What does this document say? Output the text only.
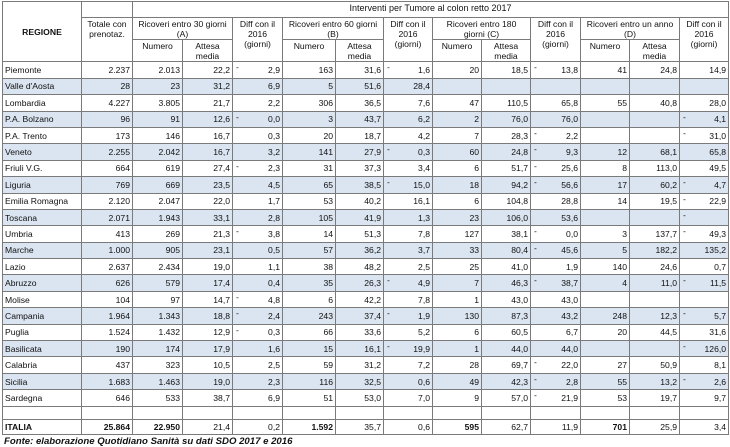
REGIONE		Interventi per Tumore al colon retto 2017											
	Totale con prenotaz.	Ricoveri entro 30 giorni (A)		Diff con il 2016 (giorni)	Ricoveri entro 60 giorni (B)		Diff con il 2016 (giorni)	Ricoveri entro 180 giorni (C)		Diff con il 2016 (giorni)	Ricoveri entro un anno (D)		Diff con il 2016 (giorni)
		Numero	Attesa media		Numero	Attesa media		Numero	Attesa media		Numero	Attesa media	
Piemonte	2.237	2.013	22,2	- 2,9	163	31,6	- 1,6	20	18,5	- 13,8	41	24,8	14,9
Valle d'Aosta	28	23	31,2	6,9	5	51,6	28,4			

Lombardia	4.227	3.805	21,7	2,2	306	36,5	7,6	47	110,5	65,8	55	40,8	28,0
P.A. Bolzano	96	91	12,6	- 0,0	3	43,7	6,2	2	76,0	76,0			- 4,1
P.A. Trento	173	146	16,7	0,3	20	18,7	4,2	7	28,3	- 2,2			- 31,0
Veneto	2.255	2.042	16,7	3,2	141	27,9	- 0,3	60	24,8	- 9,3	12	68,1	65,8
Friuli V.G.	664	619	27,4	- 2,3	31	37,3	3,4	6	51,7	- 25,6	8	113,0	49,5
Liguria	769	669	23,5	4,5	65	38,5	- 15,0	18	94,2	- 56,6	17	60,2	- 4,7
Emilia Romagna	2.120	2.047	22,0	1,7	53	40,2	16,1	6	104,8	28,8	14	19,5	- 22,9
Toscana	2.071	1.943	33,1	2,8	105	41,9	1,3	23	106,0	53,6			-

Umbria	413	269	21,3	- 3,8	14	51,3	7,8	127	38,1	- 0,0	3	137,7	- 49,3
Marche	1.000	905	23,1	0,5	57	36,2	3,7	33	80,4	- 45,6	5	182,2	135,2
Lazio	2.637	2.434	19,0	1,1	38	48,2	2,5	25	41,0	1,9	140	24,6	0,7
Abruzzo	626	579	17,4	0,4	35	26,3	- 4,9	7	46,3	- 38,7	4	11,0	- 11,5
Molise	104	97	14,7	- 4,8	6	42,2	7,8	1	43,0	43,0			

Campania	1.964	1.343	18,8	- 2,4	243	37,4	- 1,9	130	87,3	43,2	248	12,3	- 5,7
Puglia	1.524	1.432	12,9	- 0,3	66	33,6	5,2	6	60,5	6,7	20	44,5	31,6
Basilicata	190	174	17,9	1,6	15	16,1	- 19,9	1	44,0	44,0			- 126,0
Calabria	437	323	10,5	2,5	59	31,2	7,2	28	69,7	- 22,0	27	50,9	8,1
Sicilia	1.683	1.463	19,0	2,3	116	32,5	0,6	49	42,3	- 2,8	55	13,2	- 2,6
Sardegna	646	533	38,7	6,9	51	53,0	7,0	9	57,0	- 21,9	53	19,7	9,7

ITALIA	25.864	22.950	21,4	0,2	1.592	35,7	0,6	595	62,7	11,9	701	25,9	3,4
Fonte: elaborazione Quotidiano Sanità su dati SDO 2017 e 2016
